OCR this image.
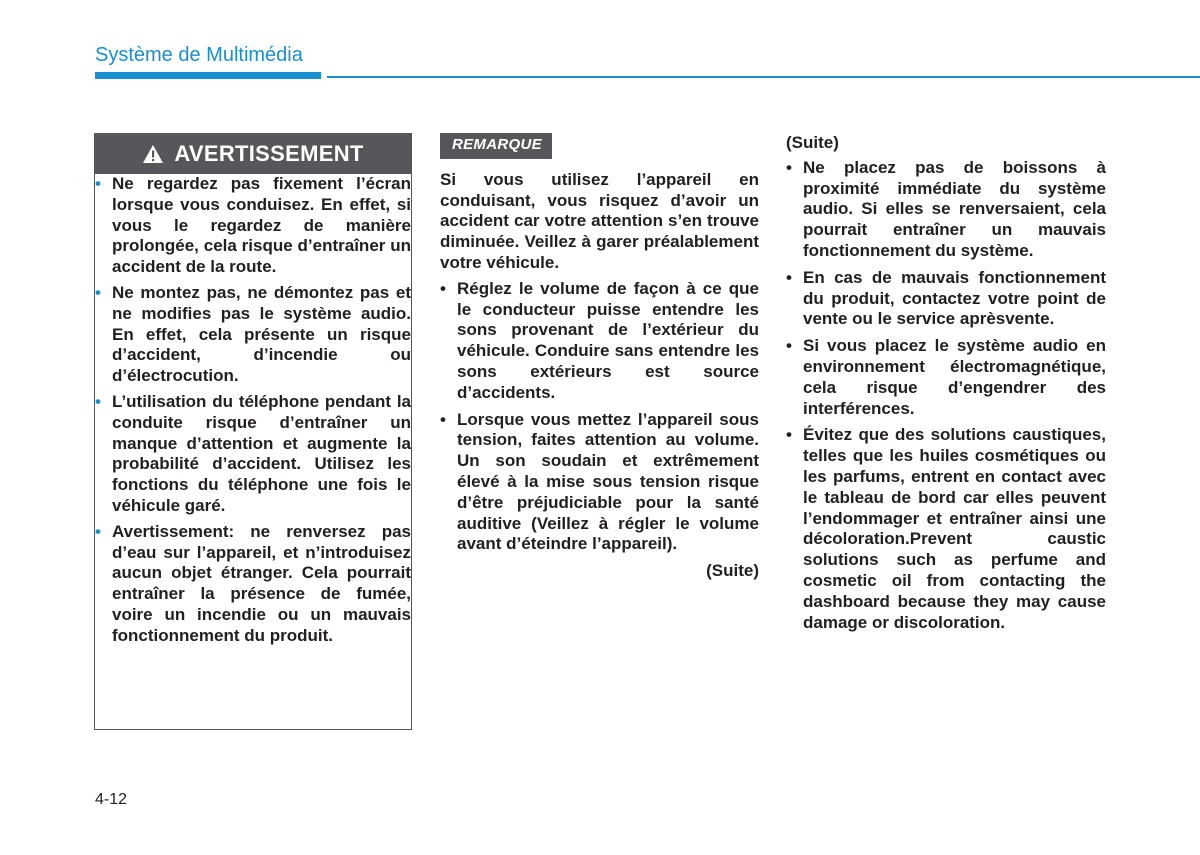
Système de Multimédia
AVERTISSEMENT
• Ne regardez pas fixement l’écran lorsque vous conduisez. En effet, si vous le regardez de manière prolongée, cela risque d’entraîner un accident de la route.
• Ne montez pas, ne démontez pas et ne modifies pas le système audio. En effet, cela présente un risque d’accident, d’incendie ou d’électrocution.
• L’utilisation du téléphone pendant la conduite risque d’entraîner un manque d’attention et augmente la probabilité d’accident. Utilisez les fonctions du téléphone une fois le véhicule garé.
• Avertissement: ne renversez pas d’eau sur l’appareil, et n’introduisez aucun objet étranger. Cela pourrait entraîner la présence de fumée, voire un incendie ou un mauvais fonctionnement du produit.
REMARQUE

Si vous utilisez l’appareil en conduisant, vous risquez d’avoir un accident car votre attention s’en trouve diminuée. Veillez à garer préalablement votre véhicule.

• Réglez le volume de façon à ce que le conducteur puisse entendre les sons provenant de l’extérieur du véhicule. Conduire sans entendre les sons extérieurs est source d’accidents.
• Lorsque vous mettez l’appareil sous tension, faites attention au volume. Un son soudain et extrêmement élevé à la mise sous tension risque d’être préjudiciable pour la santé auditive (Veillez à régler le volume avant d’éteindre l’appareil).

(Suite)

(Suite)

• Ne placez pas de boissons à proximité immédiate du système audio. Si elles se renversaient, cela pourrait entraîner un mauvais fonctionnement du système.
• En cas de mauvais fonctionnement du produit, contactez votre point de vente ou le service aprèsvente.
• Si vous placez le système audio en environnement électromagnétique, cela risque d’engendrer des interférences.
• Évitez que des solutions caustiques, telles que les huiles cosmétiques ou les parfums, entrent en contact avec le tableau de bord car elles peuvent l’endommager et entraîner ainsi une décoloration.Prevent caustic solutions such as perfume and cosmetic oil from contacting the dashboard because they may cause damage or discoloration.
4-12
